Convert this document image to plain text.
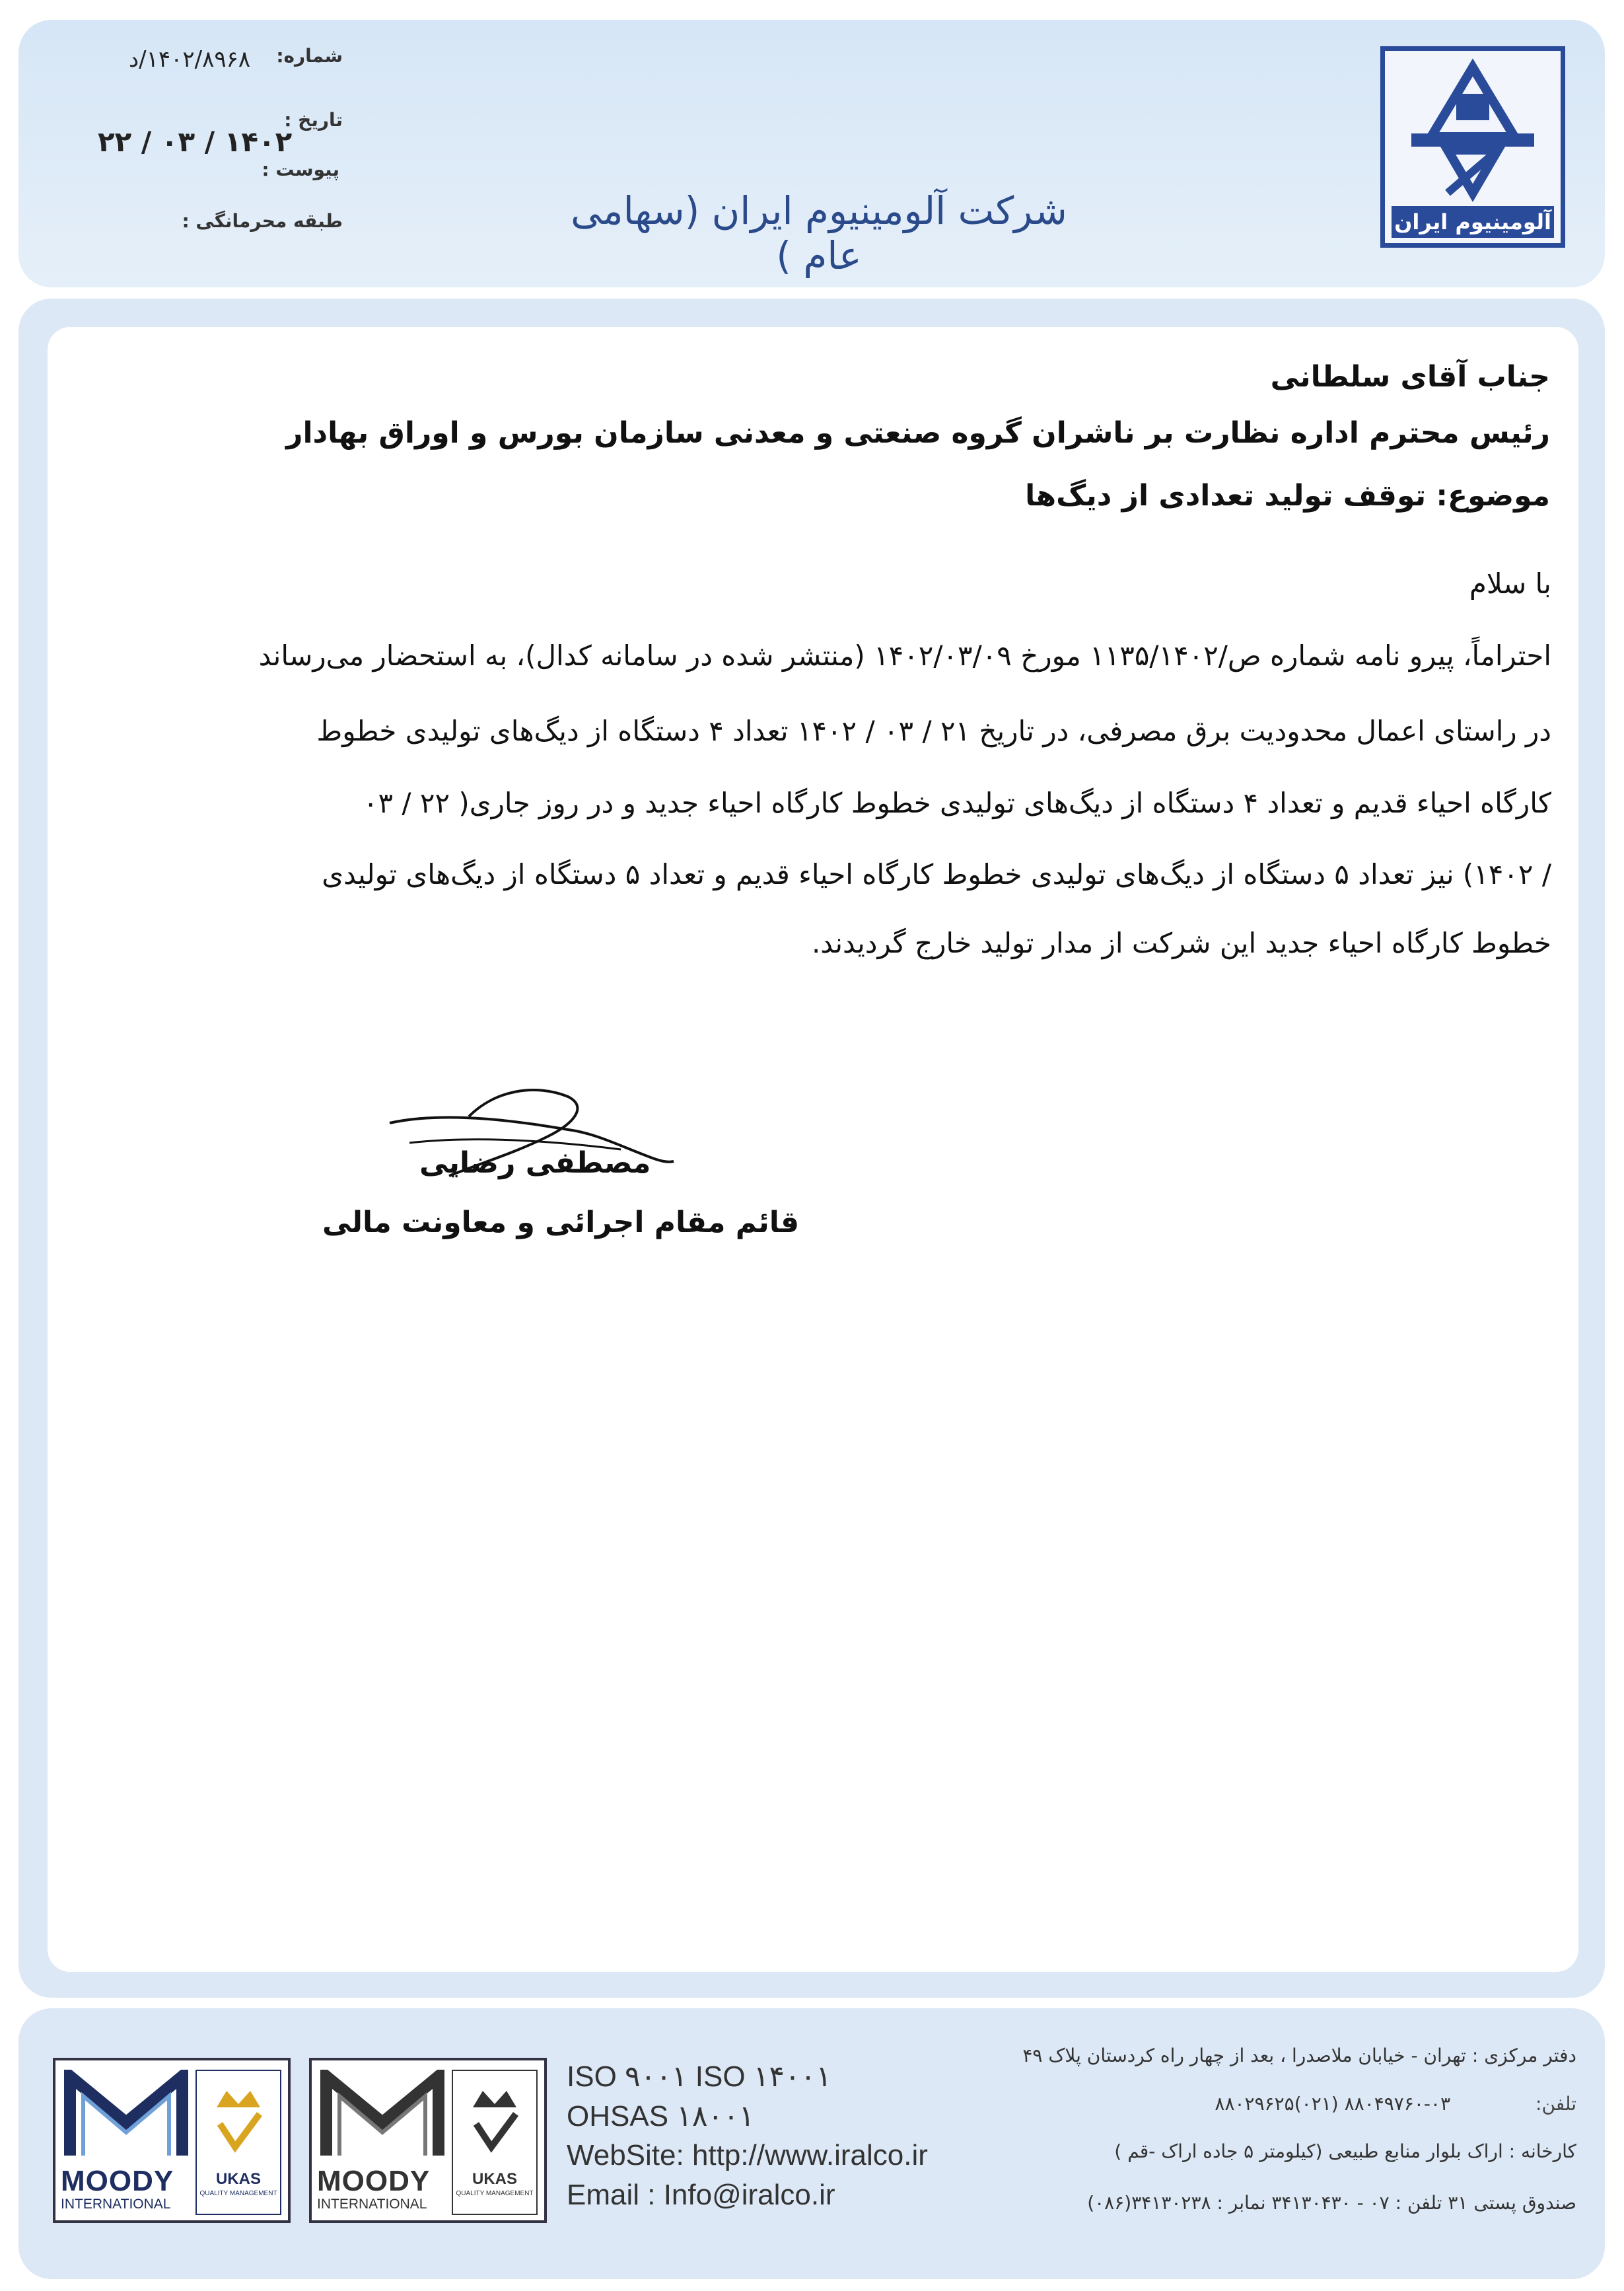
آلومینیوم ایران
شرکت آلومینیوم ایران (سهامی عام )
شماره:
۱۴۰۲/۸۹۶۸/د
تاریخ :
۱۴۰۲ / ۰۳ / ۲۲
پیوست :
طبقه محرمانگی :
جناب آقای سلطانی
رئیس محترم اداره نظارت بر ناشران گروه صنعتی و معدنی سازمان بورس و اوراق بهادار
موضوع: توقف تولید تعدادی از دیگ‌ها
با سلام
احتراماً، پیرو نامه شماره ص/۱۱۳۵/۱۴۰۲ مورخ ۱۴۰۲/۰۳/۰۹ (منتشر شده در سامانه کدال)، به استحضار می‌رساند
در راستای اعمال محدودیت برق مصرفی، در تاریخ ۲۱ / ۰۳ / ۱۴۰۲ تعداد ۴ دستگاه از دیگ‌های تولیدی خطوط
کارگاه احیاء قدیم و تعداد ۴ دستگاه از دیگ‌های تولیدی خطوط کارگاه احیاء جدید و در روز جاری( ۲۲ / ۰۳
/ ۱۴۰۲) نیز تعداد ۵ دستگاه از دیگ‌های تولیدی خطوط کارگاه احیاء قدیم و تعداد ۵ دستگاه از دیگ‌های تولیدی
خطوط کارگاه احیاء جدید این شرکت از مدار تولید خارج گردیدند.
مصطفی رضایی
قائم مقام اجرائی و معاونت مالی
MOODY
INTERNATIONAL
UKAS
QUALITY MANAGEMENT MOODY
INTERNATIONAL
UKAS
QUALITY MANAGEMENT
ISO ۹۰۰۱ ISO ۱۴۰۰۱
OHSAS ۱۸۰۰۱
WebSite: http://www.iralco.ir
Email : Info@iralco.ir
دفتر مرکزی : تهران - خیابان ملاصدرا ، بعد از چهار راه کردستان پلاک ۴۹
تلفن: ۰۳-۸۸۰۴۹۷۶۰ (۰۲۱)۸۸۰۲۹۶۲۵
کارخانه : اراک بلوار منابع طبیعی (کیلومتر ۵ جاده اراک -قم )
صندوق پستی ۳۱ تلفن : ۰۷ - ۳۴۱۳۰۴۳۰ نمابر : ۳۴۱۳۰۲۳۸(۰۸۶)
